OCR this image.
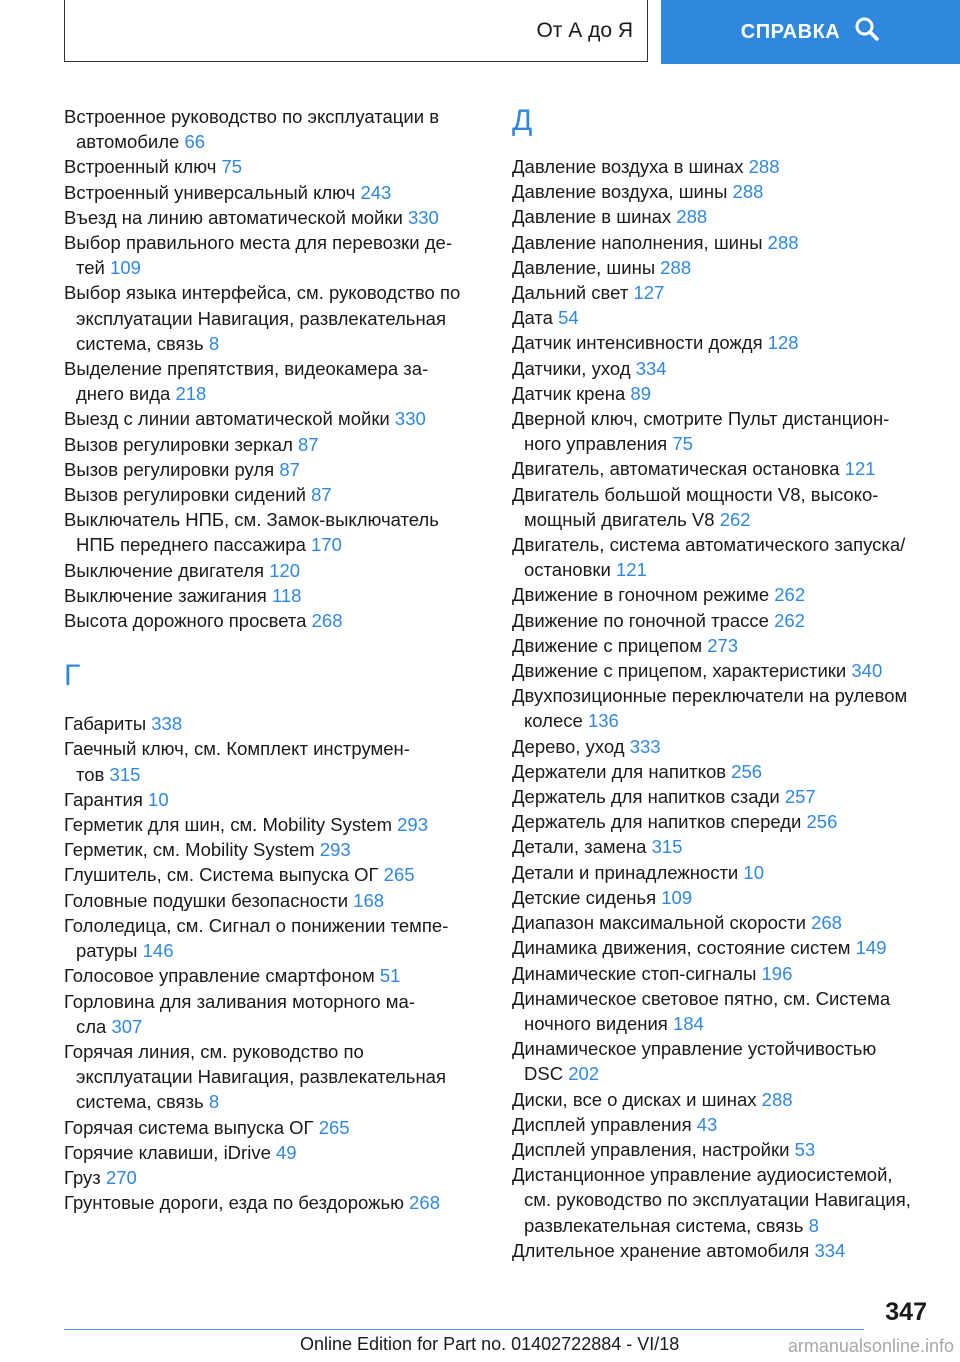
От А до Я	СПРАВКА
Встроенное руководство по эксплуатации в
автомобиле 66
Встроенный ключ 75
Встроенный универсальный ключ 243
Въезд на линию автоматической мойки 330
Выбор правильного места для перевозки де-
тей 109
Выбор языка интерфейса, см. руководство по
эксплуатации Навигация, развлекательная
система, связь 8
Выделение препятствия, видеокамера за-
днего вида 218
Выезд с линии автоматической мойки 330
Вызов регулировки зеркал 87
Вызов регулировки руля 87
Вызов регулировки сидений 87
Выключатель НПБ, см. Замок-выключатель
НПБ переднего пассажира 170
Выключение двигателя 120
Выключение зажигания 118
Высота дорожного просвета 268
Г
Габариты 338
Гаечный ключ, см. Комплект инструмен-
тов 315
Гарантия 10
Герметик для шин, см. Mobility System 293
Герметик, см. Mobility System 293
Глушитель, см. Система выпуска ОГ 265
Головные подушки безопасности 168
Гололедица, см. Сигнал о понижении темпе-
ратуры 146
Голосовое управление смартфоном 51
Горловина для заливания моторного ма-
сла 307
Горячая линия, см. руководство по
эксплуатации Навигация, развлекательная
система, связь 8
Горячая система выпуска ОГ 265
Горячие клавиши, iDrive 49
Груз 270
Грунтовые дороги, езда по бездорожью 268
Д
Давление воздуха в шинах 288
Давление воздуха, шины 288
Давление в шинах 288
Давление наполнения, шины 288
Давление, шины 288
Дальний свет 127
Дата 54
Датчик интенсивности дождя 128
Датчики, уход 334
Датчик крена 89
Дверной ключ, смотрите Пульт дистанцион-
ного управления 75
Двигатель, автоматическая остановка 121
Двигатель большой мощности V8, высоко-
мощный двигатель V8 262
Двигатель, система автоматического запуска/
остановки 121
Движение в гоночном режиме 262
Движение по гоночной трассе 262
Движение с прицепом 273
Движение с прицепом, характеристики 340
Двухпозиционные переключатели на рулевом
колесе 136
Дерево, уход 333
Держатели для напитков 256
Держатель для напитков сзади 257
Держатель для напитков спереди 256
Детали, замена 315
Детали и принадлежности 10
Детские сиденья 109
Диапазон максимальной скорости 268
Динамика движения, состояние систем 149
Динамические стоп-сигналы 196
Динамическое световое пятно, см. Система
ночного видения 184
Динамическое управление устойчивостью
DSC 202
Диски, все о дисках и шинах 288
Дисплей управления 43
Дисплей управления, настройки 53
Дистанционное управление аудиосистемой,
см. руководство по эксплуатации Навигация,
развлекательная система, связь 8
Длительное хранение автомобиля 334
347
Online Edition for Part no. 01402722884 - VI/18	armanualsonline.info
